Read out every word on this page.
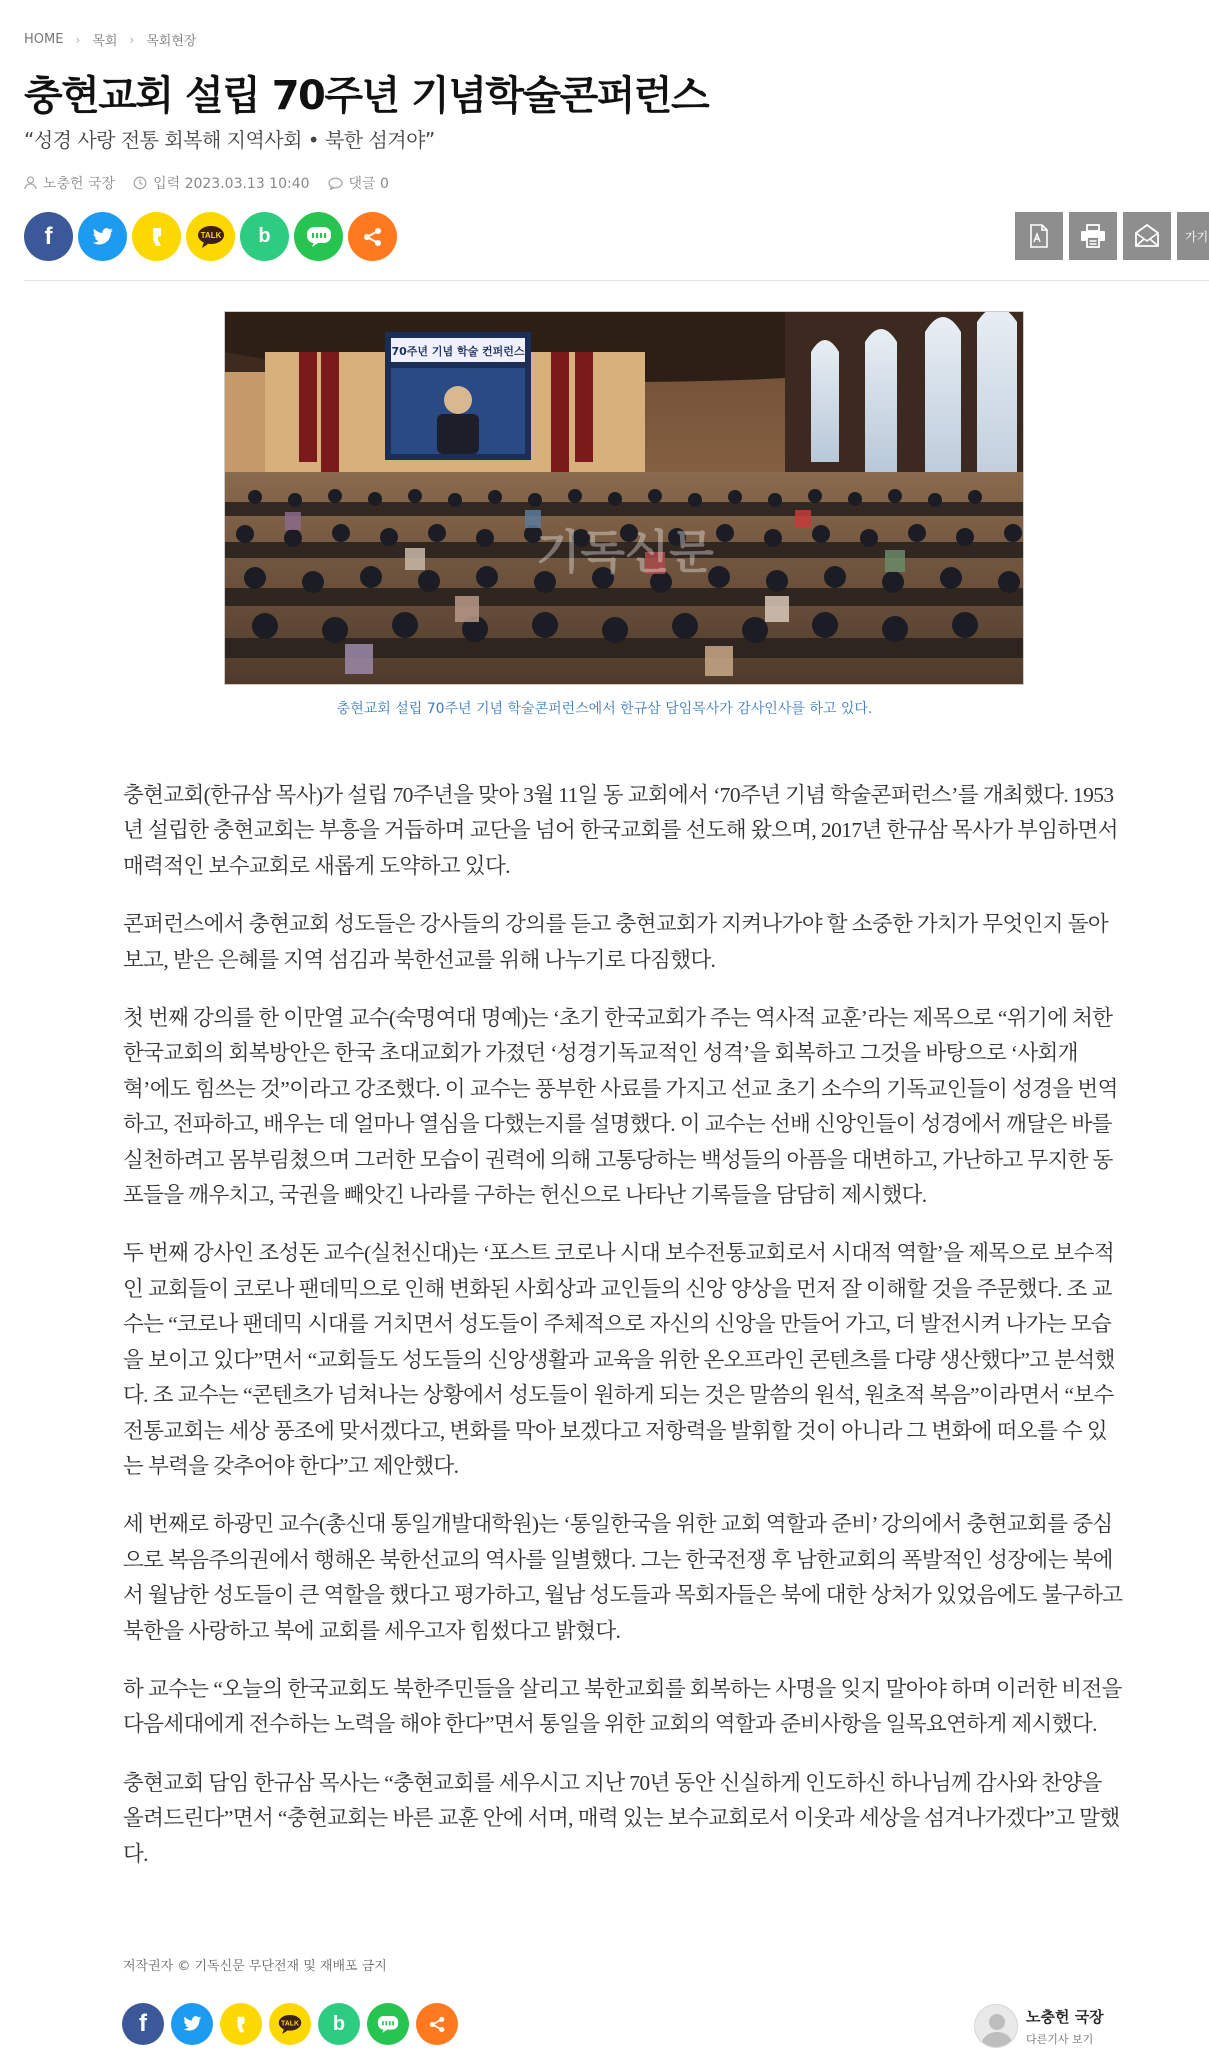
HOME › 목회 › 목회현장
충현교회 설립 70주년 기념학술콘퍼런스
“성경 사랑 전통 회복해 지역사회 • 북한 섬겨야”
노충헌 국장	입력 2023.03.13 10:40	댓글 0
f	TALK b	가기
70주년 기념 학술 컨퍼런스
기독신문
충현교회 설립 70주년 기념 학술콘퍼런스에서 한규삼 담임목사가 감사인사를 하고 있다.

충현교회(한규삼 목사)가 설립 70주년을 맞아 3월 11일 동 교회에서 ‘70주년 기념 학술콘퍼런스’를 개최했다. 1953년 설립한 충현교회는 부흥을 거듭하며 교단을 넘어 한국교회를 선도해 왔으며, 2017년 한규삼 목사가 부임하면서 매력적인 보수교회로 새롭게 도약하고 있다.

콘퍼런스에서 충현교회 성도들은 강사들의 강의를 듣고 충현교회가 지켜나가야 할 소중한 가치가 무엇인지 돌아보고, 받은 은혜를 지역 섬김과 북한선교를 위해 나누기로 다짐했다.

첫 번째 강의를 한 이만열 교수(숙명여대 명예)는 ‘초기 한국교회가 주는 역사적 교훈’라는 제목으로 “위기에 처한 한국교회의 회복방안은 한국 초대교회가 가졌던 ‘성경기독교적인 성격’을 회복하고 그것을 바탕으로 ‘사회개혁’에도 힘쓰는 것”이라고 강조했다. 이 교수는 풍부한 사료를 가지고 선교 초기 소수의 기독교인들이 성경을 번역하고, 전파하고, 배우는 데 얼마나 열심을 다했는지를 설명했다. 이 교수는 선배 신앙인들이 성경에서 깨달은 바를 실천하려고 몸부림쳤으며 그러한 모습이 권력에 의해 고통당하는 백성들의 아픔을 대변하고, 가난하고 무지한 동포들을 깨우치고, 국권을 빼앗긴 나라를 구하는 헌신으로 나타난 기록들을 담담히 제시했다.

두 번째 강사인 조성돈 교수(실천신대)는 ‘포스트 코로나 시대 보수전통교회로서 시대적 역할’을 제목으로 보수적인 교회들이 코로나 팬데믹으로 인해 변화된 사회상과 교인들의 신앙 양상을 먼저 잘 이해할 것을 주문했다. 조 교수는 “코로나 팬데믹 시대를 거치면서 성도들이 주체적으로 자신의 신앙을 만들어 가고, 더 발전시켜 나가는 모습을 보이고 있다”면서 “교회들도 성도들의 신앙생활과 교육을 위한 온오프라인 콘텐츠를 다량 생산했다”고 분석했다. 조 교수는 “콘텐츠가 넘쳐나는 상황에서 성도들이 원하게 되는 것은 말씀의 원석, 원초적 복음”이라면서 “보수전통교회는 세상 풍조에 맞서겠다고, 변화를 막아 보겠다고 저항력을 발휘할 것이 아니라 그 변화에 떠오를 수 있는 부력을 갖추어야 한다”고 제안했다.

세 번째로 하광민 교수(총신대 통일개발대학원)는 ‘통일한국을 위한 교회 역할과 준비’ 강의에서 충현교회를 중심으로 복음주의권에서 행해온 북한선교의 역사를 일별했다. 그는 한국전쟁 후 남한교회의 폭발적인 성장에는 북에서 월남한 성도들이 큰 역할을 했다고 평가하고, 월남 성도들과 목회자들은 북에 대한 상처가 있었음에도 불구하고 북한을 사랑하고 북에 교회를 세우고자 힘썼다고 밝혔다.

하 교수는 “오늘의 한국교회도 북한주민들을 살리고 북한교회를 회복하는 사명을 잊지 말아야 하며 이러한 비전을 다음세대에게 전수하는 노력을 해야 한다”면서 통일을 위한 교회의 역할과 준비사항을 일목요연하게 제시했다.

충현교회 담임 한규삼 목사는 “충현교회를 세우시고 지난 70년 동안 신실하게 인도하신 하나님께 감사와 찬양을 올려드린다”면서 “충현교회는 바른 교훈 안에 서며, 매력 있는 보수교회로서 이웃과 세상을 섬겨나가겠다”고 말했다.

저작권자 © 기독신문 무단전재 및 재배포 금지
f	TALK b	노충헌 국장
다른기사 보기
